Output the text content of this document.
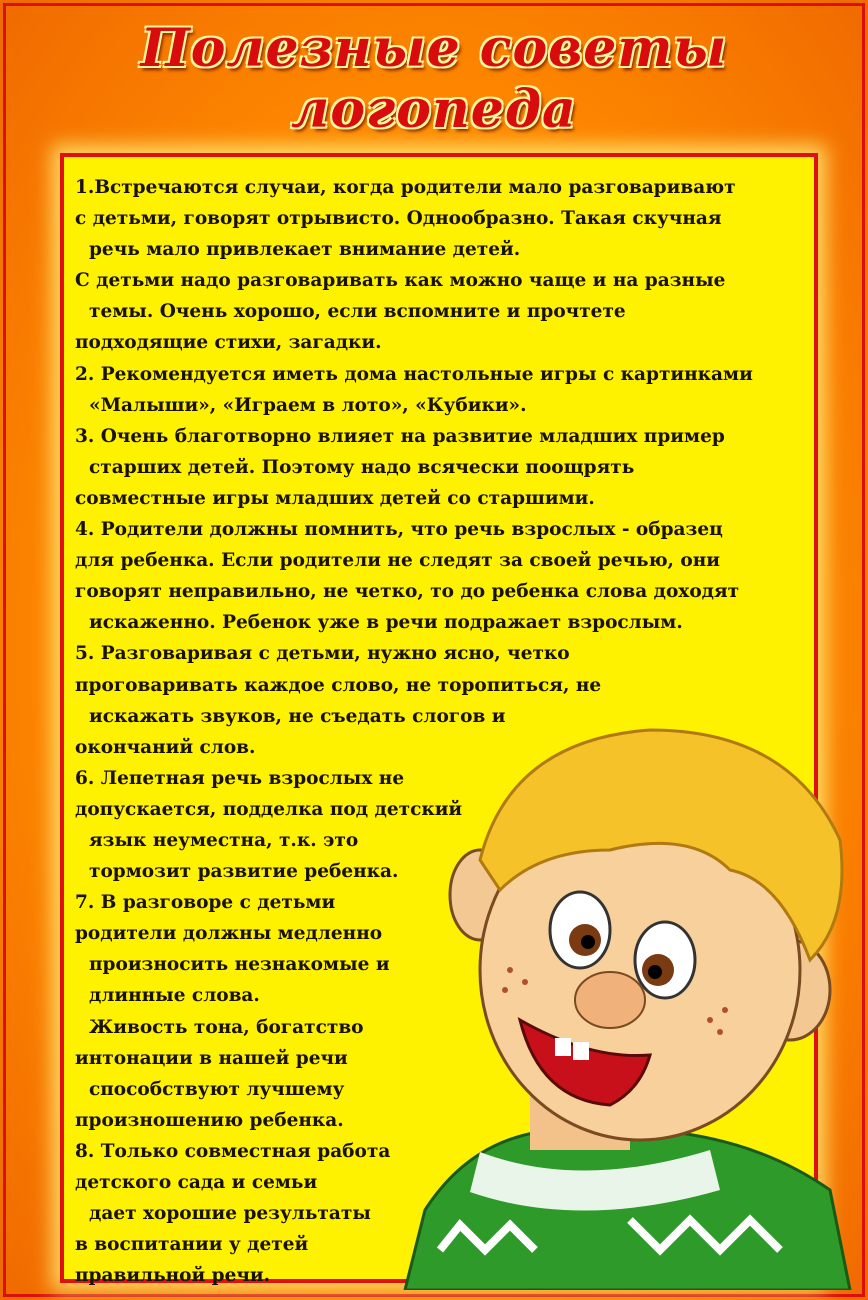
Полезные советы логопеда
1.Встречаются случаи, когда родители мало разговаривают
с детьми, говорят отрывисто. Однообразно. Такая скучная
речь мало привлекает внимание детей.
С детьми надо разговаривать как можно чаще и на разные
темы. Очень хорошо, если вспомните и прочтете
подходящие стихи, загадки.
2. Рекомендуется иметь дома настольные игры с картинками
«Малыши», «Играем в лото», «Кубики».
3. Очень благотворно влияет на развитие младших пример
старших детей. Поэтому надо всячески поощрять
совместные игры младших детей со старшими.
4. Родители должны помнить, что речь взрослых - образец
для ребенка. Если родители не следят за своей речью, они
говорят неправильно, не четко, то до ребенка слова доходят
искаженно. Ребенок уже в речи подражает взрослым.
5. Разговаривая с детьми, нужно ясно, четко
проговаривать каждое слово, не торопиться, не
искажать звуков, не съедать слогов и
окончаний слов.
6. Лепетная речь взрослых не
допускается, подделка под детский
язык неуместна, т.к. это
тормозит развитие ребенка.
7. В разговоре с детьми
родители должны медленно
произносить незнакомые и
длинные слова.
Живость тона, богатство
интонации в нашей речи
способствуют лучшему
произношению ребенка.
8. Только совместная работа
детского сада и семьи
дает хорошие результаты
в воспитании у детей
правильной речи.
